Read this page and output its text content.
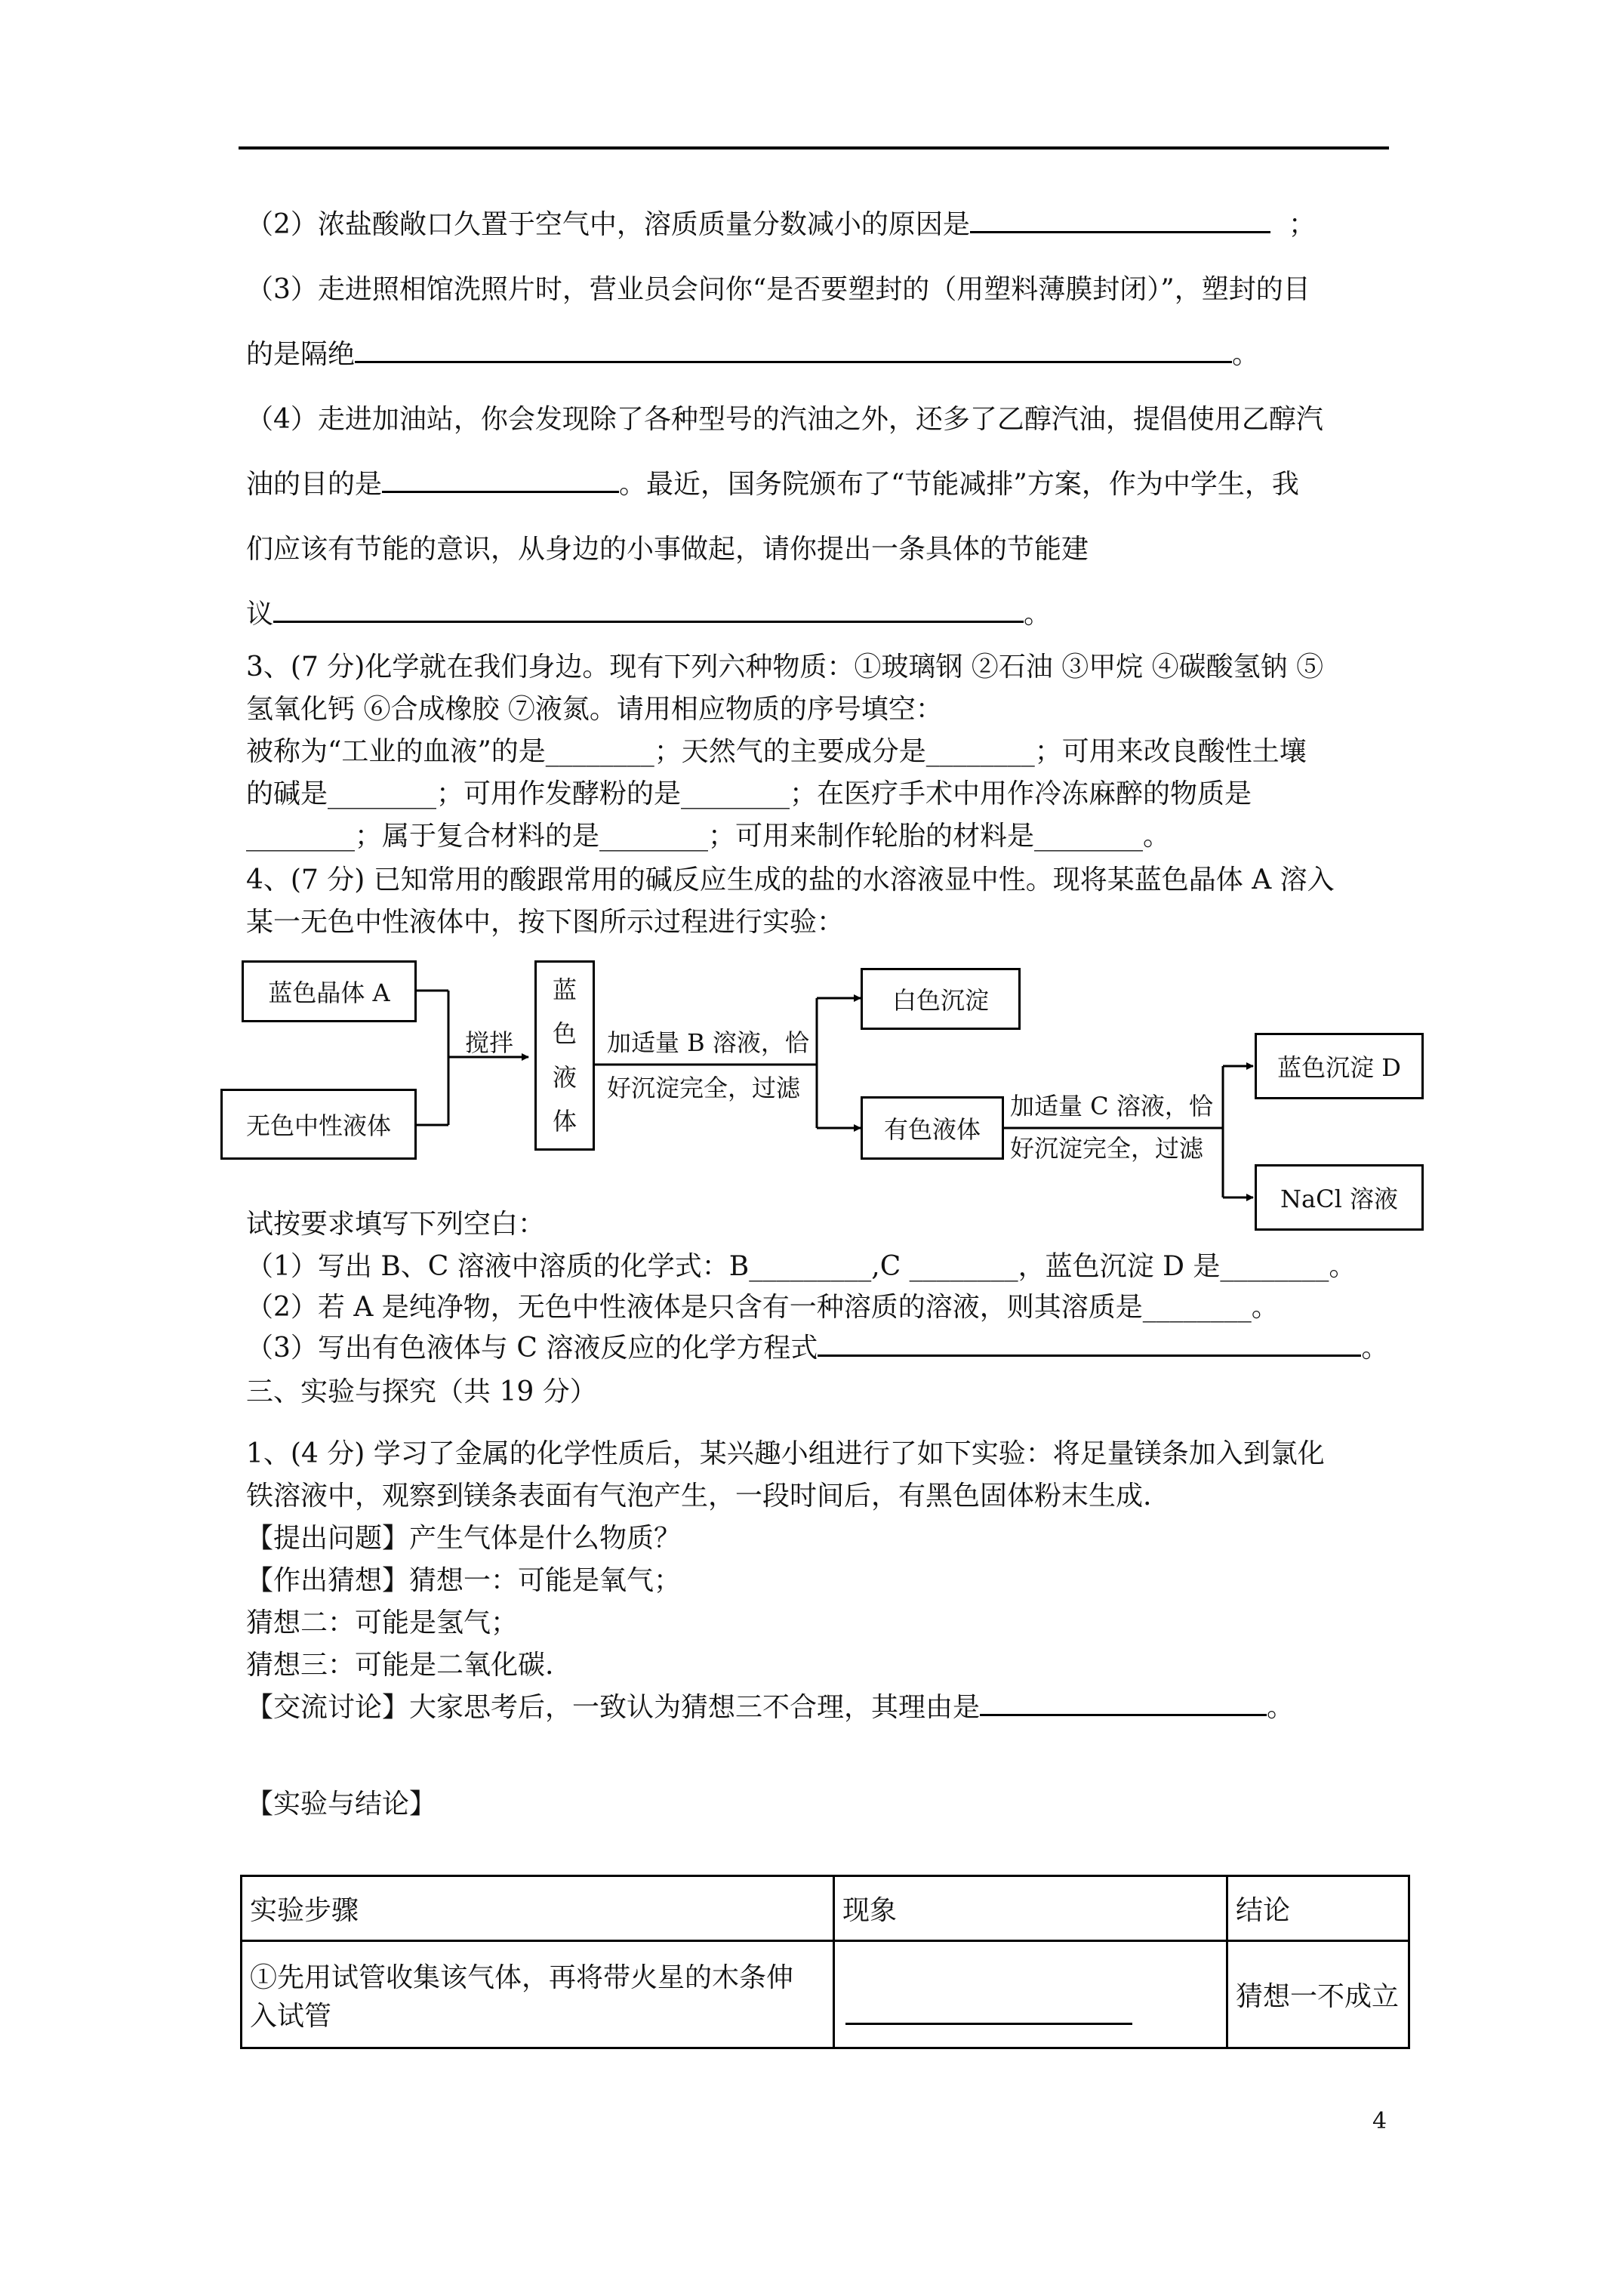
（2）浓盐酸敞口久置于空气中，溶质质量分数减小的原因是	；
（3）走进照相馆洗照片时，营业员会问你“是否要塑封的（用塑料薄膜封闭）”，塑封的目
的是隔绝	。
（4）走进加油站，你会发现除了各种型号的汽油之外，还多了乙醇汽油，提倡使用乙醇汽
油的目的是	。最近，国务院颁布了“节能减排”方案，作为中学生，我
们应该有节能的意识，从身边的小事做起，请你提出一条具体的节能建
议	。
3、(7 分)化学就在我们身边。现有下列六种物质：①玻璃钢 ②石油 ③甲烷 ④碳酸氢钠 ⑤
氢氧化钙 ⑥合成橡胶 ⑦液氮。请用相应物质的序号填空：
被称为“工业的血液”的是________；天然气的主要成分是________；可用来改良酸性土壤
的碱是________；可用作发酵粉的是________；在医疗手术中用作冷冻麻醉的物质是
________；属于复合材料的是________；可用来制作轮胎的材料是________。
4、(7 分) 已知常用的酸跟常用的碱反应生成的盐的水溶液显中性。现将某蓝色晶体 A 溶入
某一无色中性液体中，按下图所示过程进行实验：
蓝色晶体 A
无色中性液体
搅拌
蓝
色
液
体
加适量 B 溶液，恰
好沉淀完全，过滤
白色沉淀
有色液体
加适量 C 溶液，恰
好沉淀完全，过滤
蓝色沉淀 D
NaCl 溶液
试按要求填写下列空白：
（1）写出 B、C 溶液中溶质的化学式：B_________,C ________，蓝色沉淀 D 是________。
（2）若 A 是纯净物，无色中性液体是只含有一种溶质的溶液，则其溶质是________。
（3）写出有色液体与 C 溶液反应的化学方程式	。
三、实验与探究（共 19 分）
1、(4 分) 学习了金属的化学性质后，某兴趣小组进行了如下实验：将足量镁条加入到氯化
铁溶液中，观察到镁条表面有气泡产生，一段时间后，有黑色固体粉末生成.
【提出问题】产生气体是什么物质？
【作出猜想】猜想一：可能是氧气；
猜想二：可能是氢气；
猜想三：可能是二氧化碳.
【交流讨论】大家思考后，一致认为猜想三不合理，其理由是	。
【实验与结论】
实验步骤	现象	结论

①先用试管收集该气体，再将带火星的木条伸
入试管		猜想一不成立
4
